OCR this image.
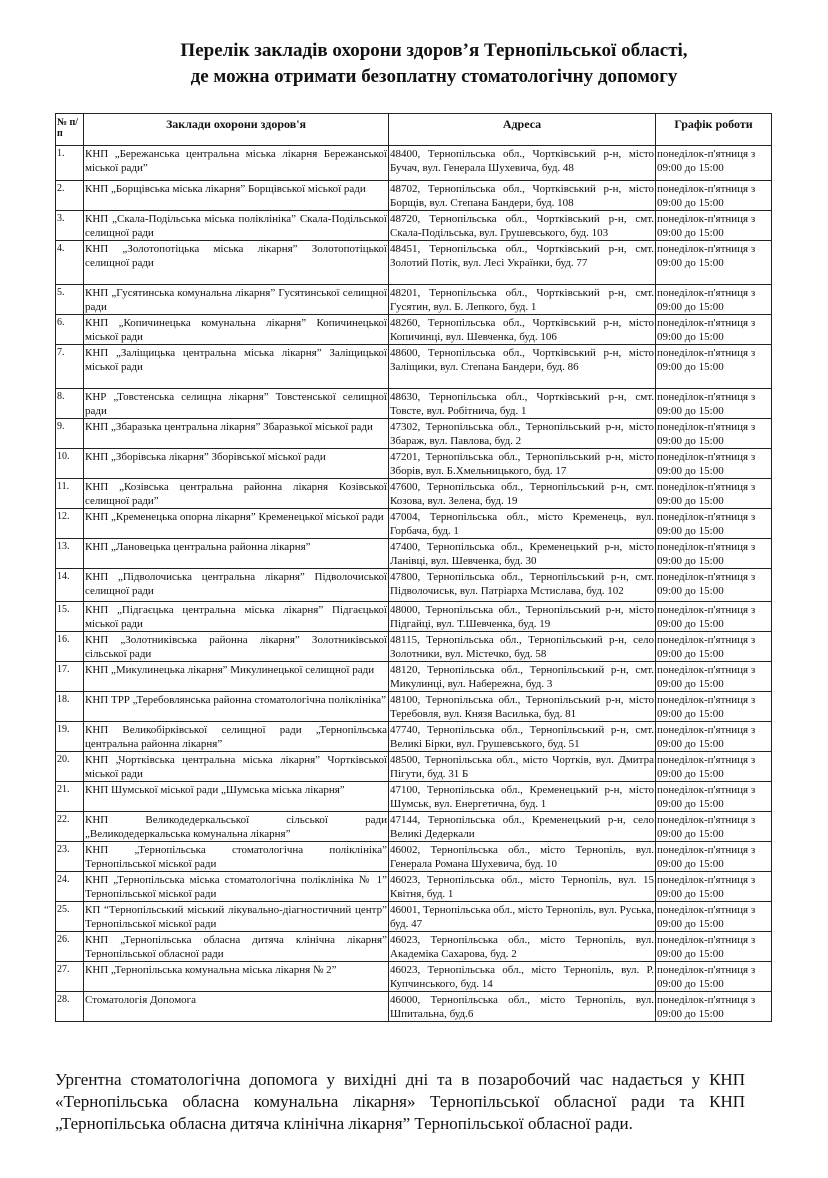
Перелік закладів охорони здоров’я Тернопільської області,
де можна отримати безоплатну стоматологічну допомогу
№ п/п	Заклади охорони здоров'я	Адреса	Графік роботи
1.	КНП „Бережанська центральна міська лікарня Бережанської міської ради”	48400, Тернопільська обл., Чортківський р-н, місто Бучач, вул. Генерала Шухевича, буд. 48	понеділок-п'ятниця з 09:00 до 15:00
2.	КНП „Борщівська міська лікарня” Борщівської міської ради	48702, Тернопільська обл., Чортківський р-н, місто Борщів, вул. Степана Бандери, буд. 108	понеділок-п'ятниця з 09:00 до 15:00
3.	КНП „Скала-Подільська міська поліклініка” Скала-Подільської селищної ради	48720, Тернопільська обл., Чортківський р-н, смт. Скала-Подільська, вул. Грушевського, буд. 103	понеділок-п'ятниця з 09:00 до 15:00
4.	КНП „Золотопотіцька міська лікарня” Золотопотіцької селищної ради	48451, Тернопільська обл., Чортківський р-н, смт. Золотий Потік, вул. Лесі Українки, буд. 77	понеділок-п'ятниця з 09:00 до 15:00
5.	КНП „Гусятинська комунальна лікарня” Гусятинської селищної ради	48201, Тернопільська обл., Чортківський р-н, смт. Гусятин, вул. Б. Лепкого, буд. 1	понеділок-п'ятниця з 09:00 до 15:00
6.	КНП „Копичинецька комунальна лікарня” Копичинецької міської ради	48260, Тернопільська обл., Чортківський р-н, місто Копичинці, вул. Шевченка, буд. 106	понеділок-п'ятниця з 09:00 до 15:00
7.	КНП „Заліщицька центральна міська лікарня” Заліщицької міської ради	48600, Тернопільська обл., Чортківський р-н, місто Заліщики, вул. Степана Бандери, буд. 86	понеділок-п'ятниця з 09:00 до 15:00
8.	КНР „Товстенська селищна лікарня” Товстенської селищної ради	48630, Тернопільська обл., Чортківський р-н, смт. Товсте, вул. Робітнича, буд. 1	понеділок-п'ятниця з 09:00 до 15:00
9.	КНП „Збаразька центральна лікарня” Збаразької міської ради	47302, Тернопільська обл., Тернопільський р-н, місто Збараж, вул. Павлова, буд. 2	понеділок-п'ятниця з 09:00 до 15:00
10.	КНП „Зборівська лікарня” Зборівської міської ради	47201, Тернопільська обл., Тернопільський р-н, місто Зборів, вул. Б.Хмельницького, буд. 17	понеділок-п'ятниця з 09:00 до 15:00
11.	КНП „Козівська центральна районна лікарня Козівської селищної ради”	47600, Тернопільська обл., Тернопільський р-н, смт. Козова, вул. Зелена, буд. 19	понеділок-п'ятниця з 09:00 до 15:00
12.	КНП „Кременецька опорна лікарня” Кременецької міської ради	47004, Тернопільська обл., місто Кременець, вул. Горбача, буд. 1	понеділок-п'ятниця з 09:00 до 15:00
13.	КНП „Лановецька центральна районна лікарня”	47400, Тернопільська обл., Кременецький р-н, місто Ланівці, вул. Шевченка, буд. 30	понеділок-п'ятниця з 09:00 до 15:00
14.	КНП „Підволочиська центральна лікарня” Підволочиської селищної ради	47800, Тернопільська обл., Тернопільський р-н, смт. Підволочиськ, вул. Патріарха Мстислава, буд. 102	понеділок-п'ятниця з 09:00 до 15:00
15.	КНП „Підгаєцька центральна міська лікарня” Підгаєцької міської ради	48000, Тернопільська обл., Тернопільський р-н, місто Підгайці, вул. Т.Шевченка, буд. 19	понеділок-п'ятниця з 09:00 до 15:00
16.	КНП „Золотниківська районна лікарня” Золотниківської сільської ради	48115, Тернопільська обл., Тернопільський р-н, село Золотники, вул. Містечко, буд. 58	понеділок-п'ятниця з 09:00 до 15:00
17.	КНП „Микулинецька лікарня” Микулинецької селищної ради	48120, Тернопільська обл., Тернопільський р-н, смт. Микулинці, вул. Набережна, буд. 3	понеділок-п'ятниця з 09:00 до 15:00
18.	КНП ТРР „Теребовлянська районна стоматологічна поліклініка”	48100, Тернопільська обл., Тернопільський р-н, місто Теребовля, вул. Князя Василька, буд. 81	понеділок-п'ятниця з 09:00 до 15:00
19.	КНП Великобірківської селищної ради „Тернопільська центральна районна лікарня”	47740, Тернопільська обл., Тернопільський р-н, смт. Великі Бірки, вул. Грушевського, буд. 51	понеділок-п'ятниця з 09:00 до 15:00
20.	КНП „Чортківська центральна міська лікарня” Чортківської міської ради	48500, Тернопільська обл., місто Чортків, вул. Дмитра Пігути, буд. 31 Б	понеділок-п'ятниця з 09:00 до 15:00
21.	КНП Шумської міської ради „Шумська міська лікарня”	47100, Тернопільська обл., Кременецький р-н, місто Шумськ, вул. Енергетична, буд. 1	понеділок-п'ятниця з 09:00 до 15:00
22.	КНП Великодедеркальської сільської ради „Великодедеркальська комунальна лікарня”	47144, Тернопільська обл., Кременецький р-н, село Великі Дедеркали	понеділок-п'ятниця з 09:00 до 15:00
23.	КНП „Тернопільська стоматологічна поліклініка” Тернопільської міської ради	46002, Тернопільська обл., місто Тернопіль, вул. Генерала Романа Шухевича, буд. 10	понеділок-п'ятниця з 09:00 до 15:00
24.	КНП „Тернопільська міська стоматологічна поліклініка № 1” Тернопільської міської ради	46023, Тернопільська обл., місто Тернопіль, вул. 15 Квітня, буд. 1	понеділок-п'ятниця з 09:00 до 15:00
25.	КП “Тернопільський міський лікувально-діагностичний центр” Тернопільської міської ради	46001, Тернопільська обл., місто Тернопіль, вул. Руська, буд. 47	понеділок-п'ятниця з 09:00 до 15:00
26.	КНП „Тернопільська обласна дитяча клінічна лікарня” Тернопільської обласної ради	46023, Тернопільська обл., місто Тернопіль, вул. Академіка Сахарова, буд. 2	понеділок-п'ятниця з 09:00 до 15:00
27.	КНП „Тернопільська комунальна міська лікарня № 2”	46023, Тернопільська обл., місто Тернопіль, вул. Р. Купчинського, буд. 14	понеділок-п'ятниця з 09:00 до 15:00
28.	Стоматологія Допомога	46000, Тернопільська обл., місто Тернопіль, вул. Шпитальна, буд.6	понеділок-п'ятниця з 09:00 до 15:00
Ургентна стоматологічна допомога у вихідні дні та в позаробочий час надається у КНП «Тернопільська обласна комунальна лікарня» Тернопільської обласної ради та КНП „Тернопільська обласна дитяча клінічна лікарня” Тернопільської обласної ради.
